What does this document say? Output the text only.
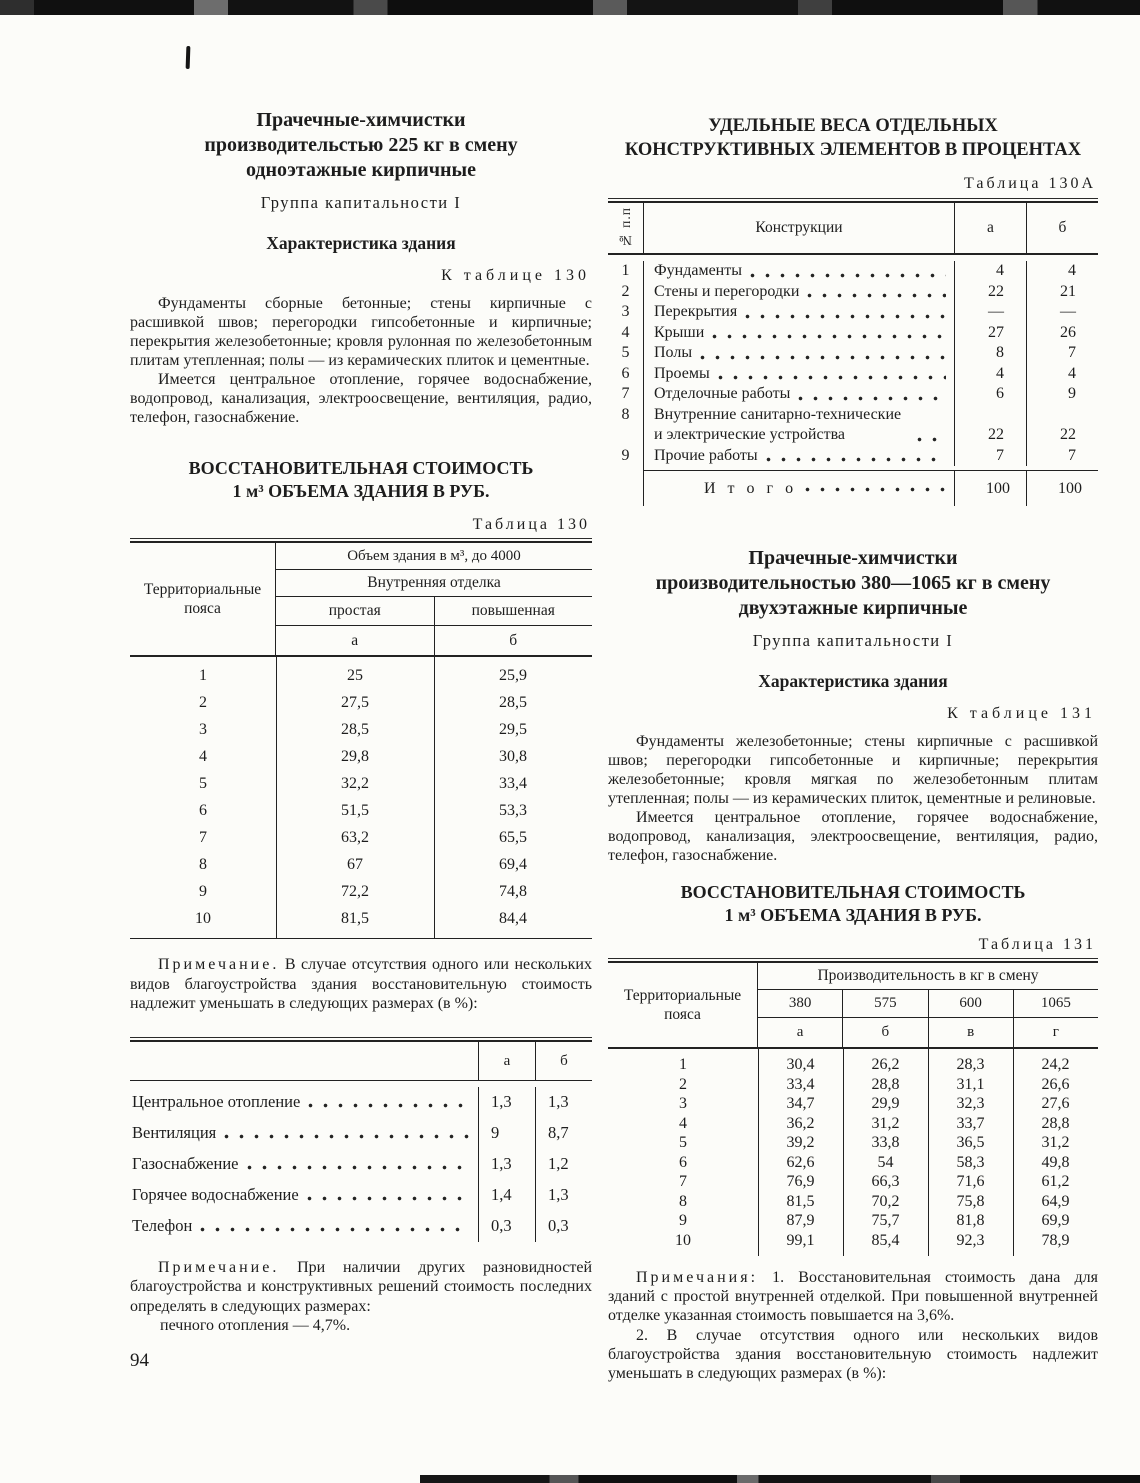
Прачечные-химчистки
производительстью 225 кг в смену
одноэтажные кирпичные
Группа капитальности I
Характеристика здания
К таблице 130
Фундаменты сборные бетонные; стены кирпичные с расшивкой швов; перегородки гипсобетонные и кирпичные; перекрытия железобетонные; кровля рулонная по железобетонным плитам утепленная; полы — из керамических плиток и цементные.
Имеется центральное отопление, горячее водоснабжение, водопровод, канализация, электроосвещение, вентиляция, радио, телефон, газоснабжение.
ВОССТАНОВИТЕЛЬНАЯ СТОИМОСТЬ
1 м³ ОБЪЕМА ЗДАНИЯ В РУБ.
Таблица 130
Территориальные пояса
Объем здания в м³, до 4000
Внутренняя отделка
простая	повышенная
а	б
1	25	25,9
2	27,5	28,5
3	28,5	29,5
4	29,8	30,8
5	32,2	33,4
6	51,5	53,3
7	63,2	65,5
8	67	69,4
9	72,2	74,8
10	81,5	84,4

Примечание. В случае отсутствия одного или нескольких видов благоустройства здания восстановительную стоимость надлежит уменьшать в следующих размерах (в %):

а	б
Центральное отопление	1,3	1,3
Вентиляция	9	8,7
Газоснабжение	1,3	1,2
Горячее водоснабжение	1,4	1,3
Телефон	0,3	0,3

Примечание. При наличии других разновидностей благоустройства и конструктивных решений стоимость последних определять в следующих размерах:

печного отопления — 4,7%.
94
УДЕЛЬНЫЕ ВЕСА ОТДЕЛЬНЫХ
КОНСТРУКТИВНЫХ ЭЛЕМЕНТОВ В ПРОЦЕНТАХ
Таблица 130А
№ п.п	Конструкции	а	б
1	Фундаменты	4	4
2	Стены и перегородки	22	21
3	Перекрытия	—	—
4	Крыши	27	26
5	Полы	8	7
6	Проемы	4	4
7	Отделочные работы	6	9
8	Внутренние санитарно-технические и электрические устройства	22	22
9	Прочие работы	7	7
И т о г о	100	100
Прачечные-химчистки
производительностью 380—1065 кг в смену
двухэтажные кирпичные
Группа капитальности I
Характеристика здания
К таблице 131
Фундаменты железобетонные; стены кирпичные с расшивкой швов; перегородки гипсобетонные и кирпичные; перекрытия железобетонные; кровля мягкая по железобетонным плитам утепленная; полы — из керамических плиток, цементные и релиновые.
Имеется центральное отопление, горячее водоснабжение, водопровод, канализация, электроосвещение, вентиляция, радио, телефон, газоснабжение.
ВОССТАНОВИТЕЛЬНАЯ СТОИМОСТЬ
1 м³ ОБЪЕМА ЗДАНИЯ В РУБ.
Таблица 131
Территориальные пояса
Производительность в кг в смену
380	575	600	1065
а	б	в	г
1	30,4	26,2	28,3	24,2
2	33,4	28,8	31,1	26,6
3	34,7	29,9	32,3	27,6
4	36,2	31,2	33,7	28,8
5	39,2	33,8	36,5	31,2
6	62,6	54	58,3	49,8
7	76,9	66,3	71,6	61,2
8	81,5	70,2	75,8	64,9
9	87,9	75,7	81,8	69,9
10	99,1	85,4	92,3	78,9

Примечания: 1. Восстановительная стоимость дана для зданий с простой внутренней отделкой. При повышенной внутренней отделке указанная стоимость повышается на 3,6%.

2. В случае отсутствия одного или нескольких видов благоустройства здания восстановительную стоимость надлежит уменьшать в следующих размерах (в %):
